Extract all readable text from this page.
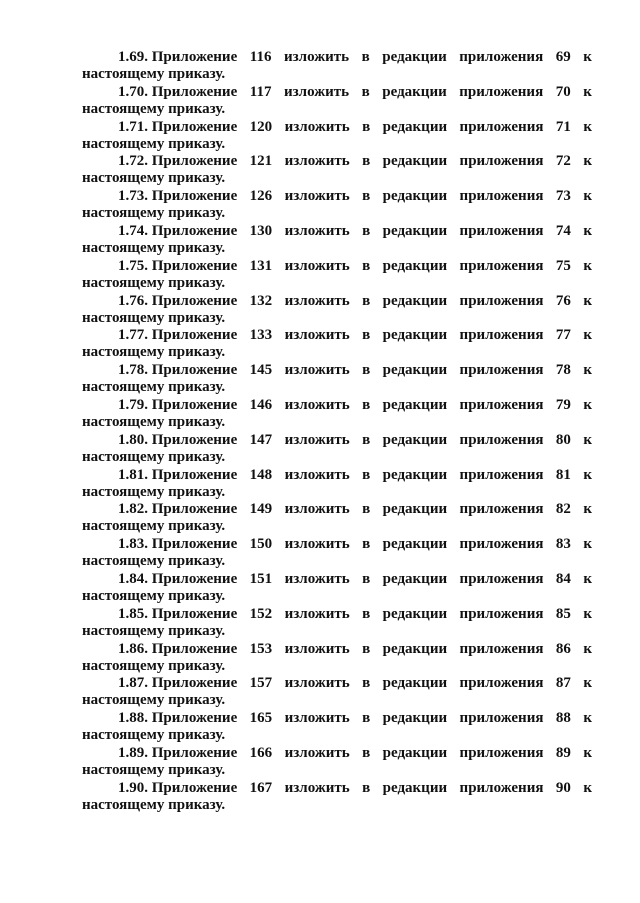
1.69. Приложение 116 изложить в редакции приложения 69 к
настоящему приказу.
1.70. Приложение 117 изложить в редакции приложения 70 к
настоящему приказу.
1.71. Приложение 120 изложить в редакции приложения 71 к
настоящему приказу.
1.72. Приложение 121 изложить в редакции приложения 72 к
настоящему приказу.
1.73. Приложение 126 изложить в редакции приложения 73 к
настоящему приказу.
1.74. Приложение 130 изложить в редакции приложения 74 к
настоящему приказу.
1.75. Приложение 131 изложить в редакции приложения 75 к
настоящему приказу.
1.76. Приложение 132 изложить в редакции приложения 76 к
настоящему приказу.
1.77. Приложение 133 изложить в редакции приложения 77 к
настоящему приказу.
1.78. Приложение 145 изложить в редакции приложения 78 к
настоящему приказу.
1.79. Приложение 146 изложить в редакции приложения 79 к
настоящему приказу.
1.80. Приложение 147 изложить в редакции приложения 80 к
настоящему приказу.
1.81. Приложение 148 изложить в редакции приложения 81 к
настоящему приказу.
1.82. Приложение 149 изложить в редакции приложения 82 к
настоящему приказу.
1.83. Приложение 150 изложить в редакции приложения 83 к
настоящему приказу.
1.84. Приложение 151 изложить в редакции приложения 84 к
настоящему приказу.
1.85. Приложение 152 изложить в редакции приложения 85 к
настоящему приказу.
1.86. Приложение 153 изложить в редакции приложения 86 к
настоящему приказу.
1.87. Приложение 157 изложить в редакции приложения 87 к
настоящему приказу.
1.88. Приложение 165 изложить в редакции приложения 88 к
настоящему приказу.
1.89. Приложение 166 изложить в редакции приложения 89 к
настоящему приказу.
1.90. Приложение 167 изложить в редакции приложения 90 к
настоящему приказу.
